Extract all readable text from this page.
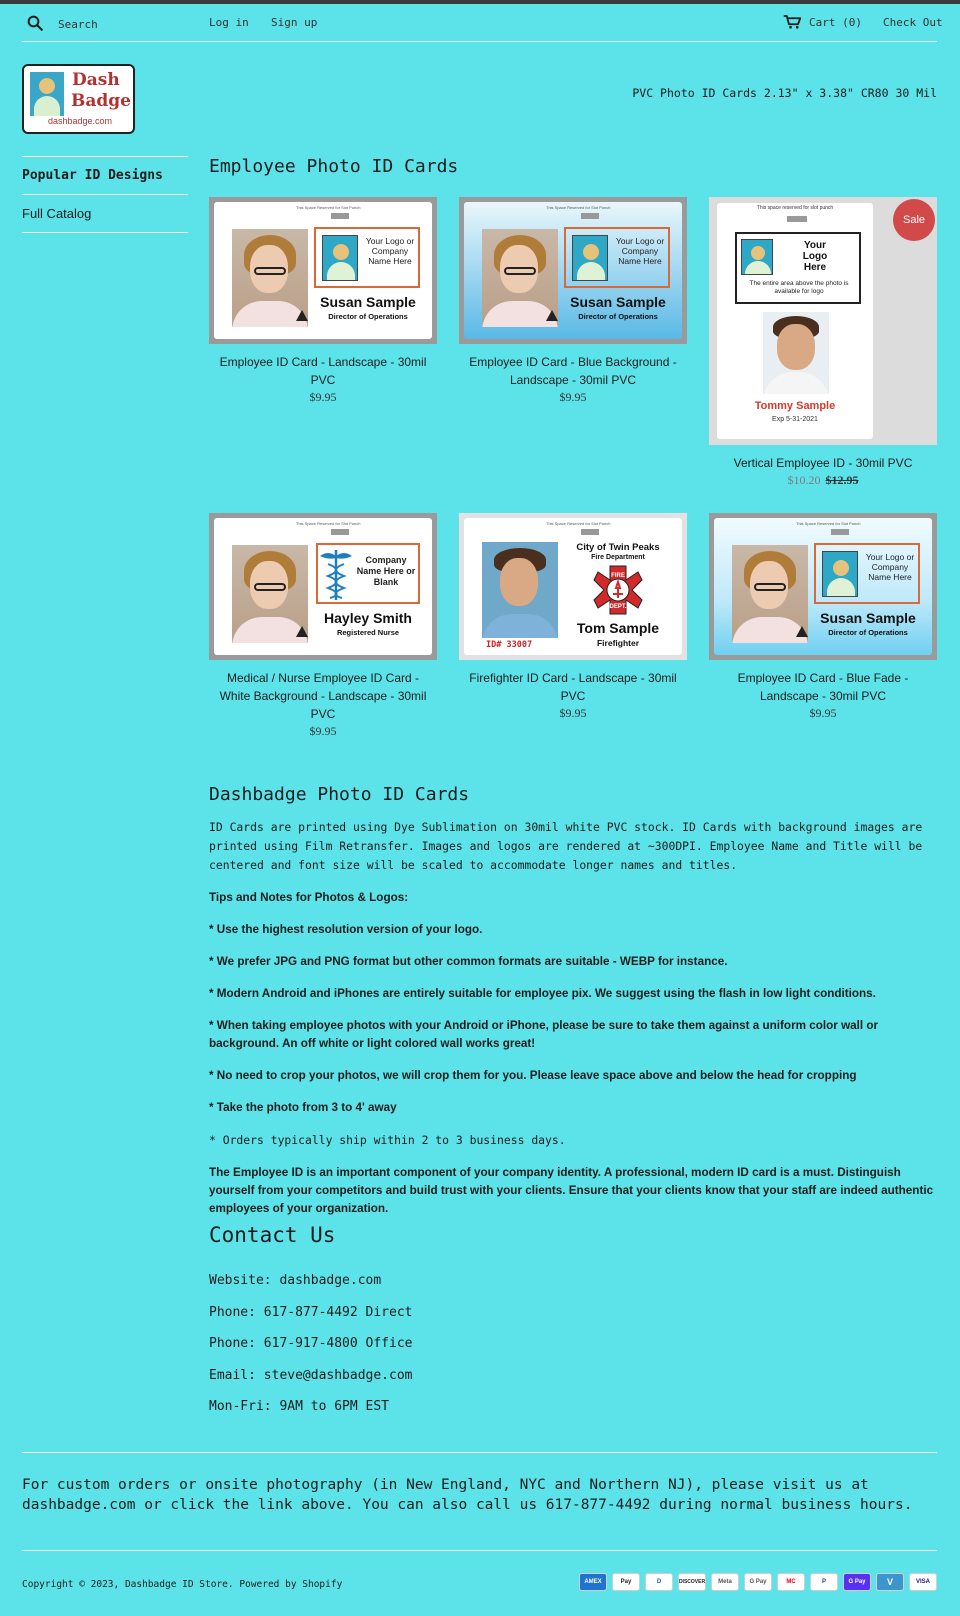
Search
Log in Sign up	Cart (0) Check Out
Dash
Badge
dashbadge.com
PVC Photo ID Cards 2.13" x 3.38" CR80 30 Mil
Popular ID Designs
Full Catalog
Employee Photo ID Cards
This Space Reserved for Slot Punch
Your Logo or Company Name Here
Susan Sample
Director of Operations
Employee ID Card - Landscape - 30mil PVC
$9.95
This Space Reserved for Slot Punch
Your Logo or Company Name Here
Susan Sample
Director of Operations
Employee ID Card - Blue Background - Landscape - 30mil PVC
$9.95
This space reserved for slot punch
Your Logo Here
The entire area above the photo is available for logo
Tommy Sample
Exp 5-31-2021
Sale
Vertical Employee ID - 30mil PVC
$10.20 $12.95
This Space Reserved for Slot Punch
Company Name Here or Blank
Hayley Smith
Registered Nurse
Medical / Nurse Employee ID Card - White Background - Landscape - 30mil PVC
$9.95
This Space Reserved for Slot Punch
ID# 33007
City of Twin Peaks
Fire Department
FIRE
DEPT.
Tom Sample
Firefighter
Firefighter ID Card - Landscape - 30mil PVC
$9.95
This Space Reserved for Slot Punch
Your Logo or Company Name Here
Susan Sample
Director of Operations
Employee ID Card - Blue Fade - Landscape - 30mil PVC
$9.95
Dashbadge Photo ID Cards

ID Cards are printed using Dye Sublimation on 30mil white PVC stock. ID Cards with background images are printed using Film Retransfer. Images and logos are rendered at ~300DPI. Employee Name and Title will be centered and font size will be scaled to accommodate longer names and titles.

Tips and Notes for Photos & Logos:

* Use the highest resolution version of your logo.

* We prefer JPG and PNG format but other common formats are suitable - WEBP for instance.

* Modern Android and iPhones are entirely suitable for employee pix. We suggest using the flash in low light conditions.

* When taking employee photos with your Android or iPhone, please be sure to take them against a uniform color wall or background. An off white or light colored wall works great!

* No need to crop your photos, we will crop them for you. Please leave space above and below the head for cropping

* Take the photo from 3 to 4' away

* Orders typically ship within 2 to 3 business days.

The Employee ID is an important component of your company identity. A professional, modern ID card is a must. Distinguish yourself from your competitors and build trust with your clients. Ensure that your clients know that your staff are indeed authentic employees of your organization.

Contact Us
Website: dashbadge.com
Phone: 617-877-4492 Direct
Phone: 617-917-4800 Office
Email: steve@dashbadge.com
Mon-Fri: 9AM to 6PM EST
For custom orders or onsite photography (in New England, NYC and Northern NJ), please visit us at dashbadge.com or click the link above. You can also call us 617-877-4492 during normal business hours.
Copyright © 2023, Dashbadge ID Store. Powered by Shopify	AMEX	Pay	D	DISCOVER	Meta	G Pay	MC	P	G Pay	V	VISA
